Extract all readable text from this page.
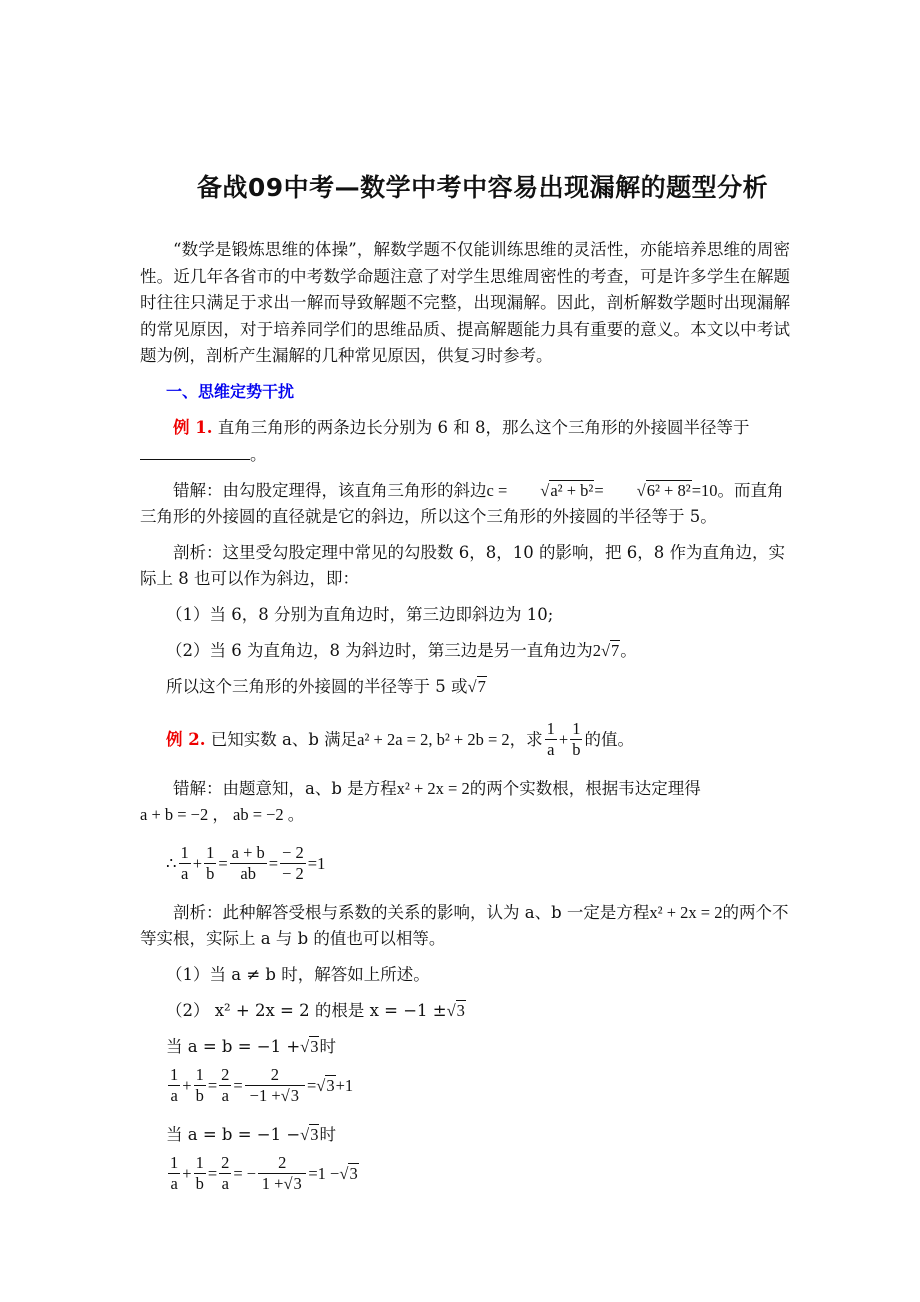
备战09中考—数学中考中容易出现漏解的题型分析

“数学是锻炼思维的体操”，解数学题不仅能训练思维的灵活性，亦能培养思维的周密性。近几年各省市的中考数学命题注意了对学生思维周密性的考查，可是许多学生在解题时往往只满足于求出一解而导致解题不完整，出现漏解。因此，剖析解数学题时出现漏解的常见原因，对于培养同学们的思维品质、提高解题能力具有重要的意义。本文以中考试题为例，剖析产生漏解的几种常见原因，供复习时参考。

一、思维定势干扰

例 1. 直角三角形的两条边长分别为 6 和 8，那么这个三角形的外接圆半径等于。

错解：由勾股定理得，该直角三角形的斜边c = √a² + b²= √6² + 8²=10。而直角三角形的外接圆的直径就是它的斜边，所以这个三角形的外接圆的半径等于 5。

剖析：这里受勾股定理中常见的勾股数 6，8，10 的影响，把 6，8 作为直角边，实际上 8 也可以作为斜边，即：

（1）当 6，8 分别为直角边时，第三边即斜边为 10;

（2）当 6 为直角边，8 为斜边时，第三边是另一直角边为2√7。

所以这个三角形的外接圆的半径等于 5 或√7

例 2.
已知实数 a、b 满足 a² + 2a = 2, b² + 2b = 2 ，求 $\frac{1}{a} + \frac{1}{b}$ 的值。

错解：由题意知，a、b 是方程x² + 2x = 2的两个实数根，根据韦达定理得
a + b = −2 ， ab = −2 。

∴ $\frac{1}{a} + \frac{1}{b} = \frac{a + b}{ab} = \frac{- 2}{- 2} =1$

剖析：此种解答受根与系数的关系的影响，认为 a、b 一定是方程x² + 2x = 2的两个不等实根，实际上 a 与 b 的值也可以相等。

（1）当 a ≠ b 时，解答如上所述。

（2） x² + 2x = 2 的根是 x = −1 ±√3

当 a = b = −1 +√3时

$\frac{1}{a} + \frac{1}{b} = \frac{2}{a} = \frac{2}{-1 +√3} = √3 +1$

当 a = b = −1 −√3时

$\frac{1}{a} + \frac{1}{b} = \frac{2}{a}$ = − $\frac{2}{1 +√3} =1 - √3$
